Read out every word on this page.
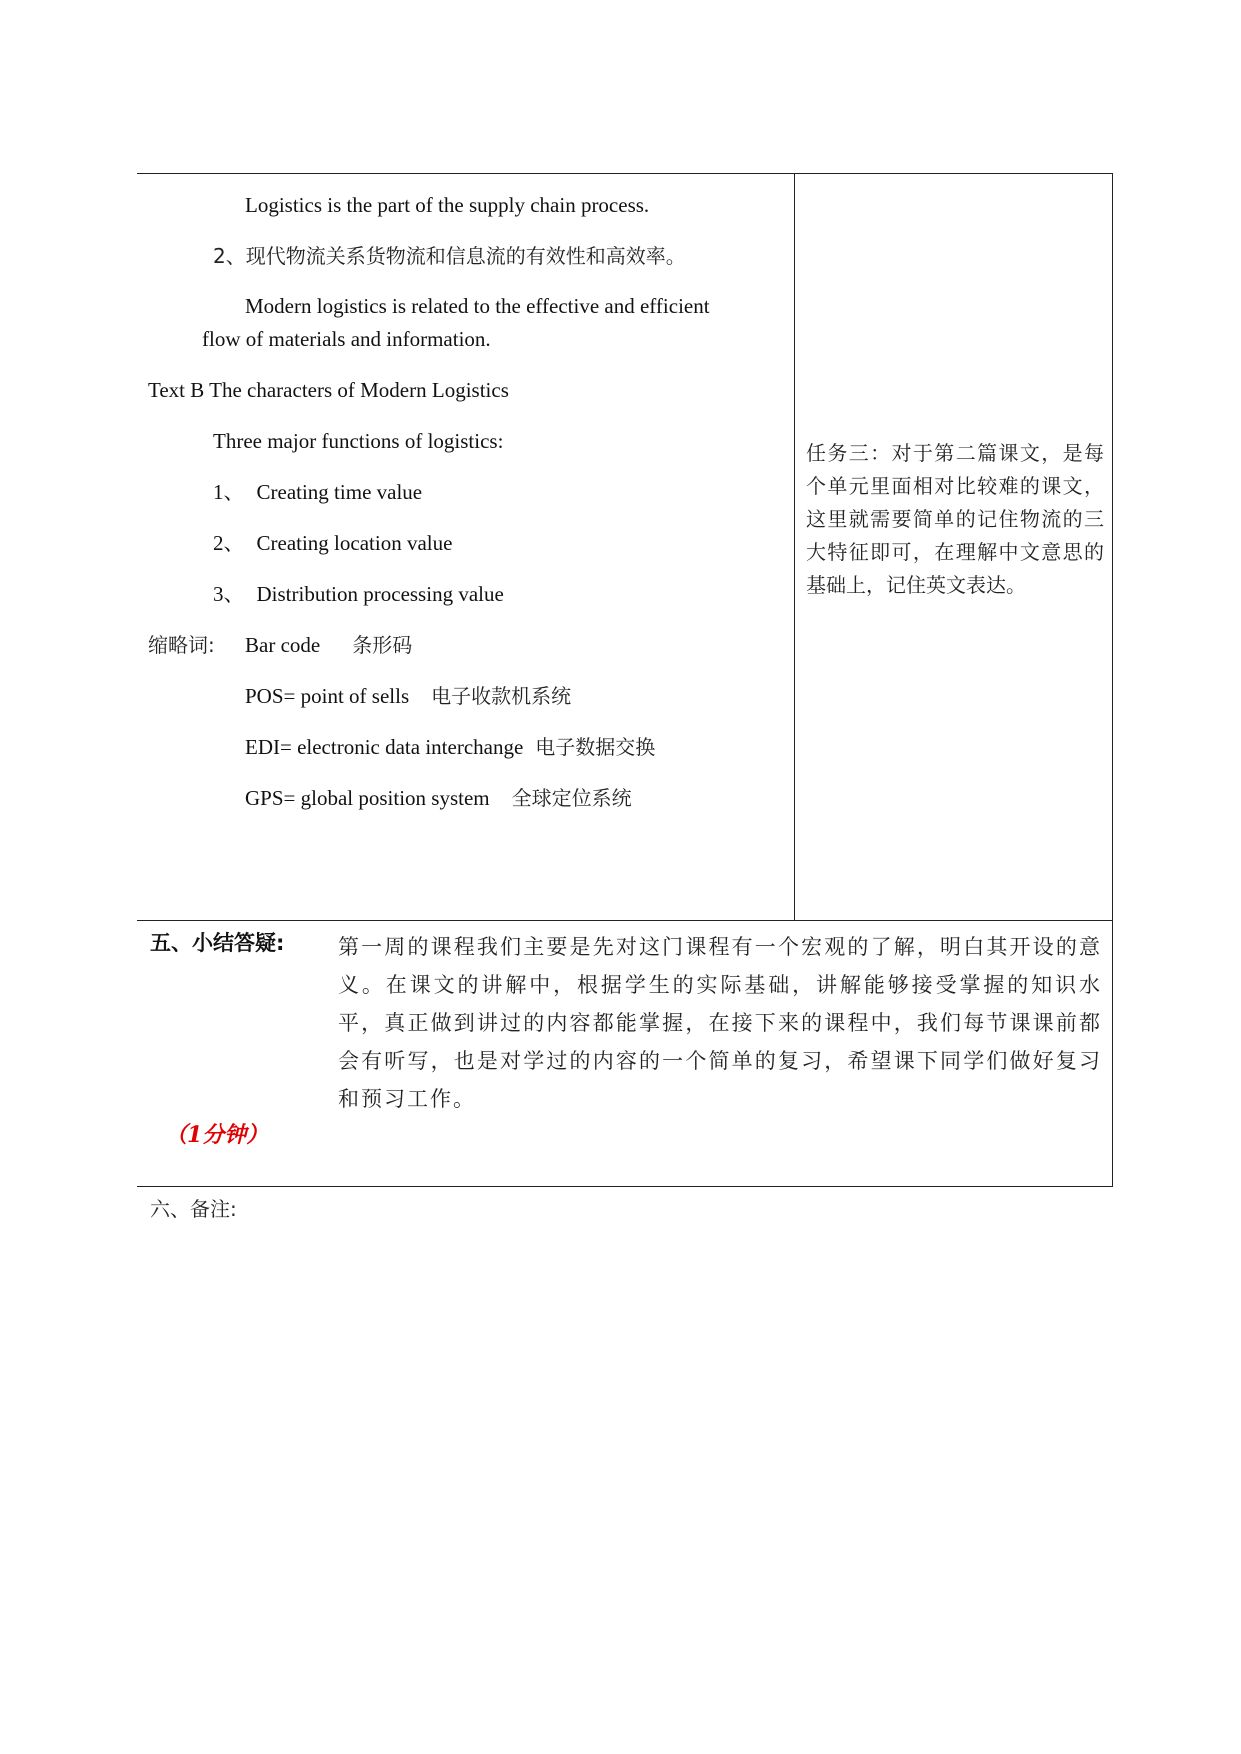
Logistics is the part of the supply chain process.
2、现代物流关系货物流和信息流的有效性和高效率。
Modern logistics is related to the effective and efficient
flow of materials and information.
Text B The characters of Modern Logistics
Three major functions of logistics:
1、 Creating time value
2、 Creating location value
3、 Distribution processing value
缩略词: Bar code 条形码
POS= point of sells 电子收款机系统
EDI= electronic data interchange 电子数据交换
GPS= global position system 全球定位系统
任务三：对于第二篇课文，是每个单元里面相对比较难的课文，这里就需要简单的记住物流的三大特征即可，在理解中文意思的基础上，记住英文表达。
五、小结答疑:	第一周的课程我们主要是先对这门课程有一个宏观的了解，明白其开设的意义。在课文的讲解中，根据学生的实际基础，讲解能够接受掌握的知识水平，真正做到讲过的内容都能掌握，在接下来的课程中，我们每节课课前都会有听写，也是对学过的内容的一个简单的复习，希望课下同学们做好复习和预习工作。
（1分钟）
六、备注:
